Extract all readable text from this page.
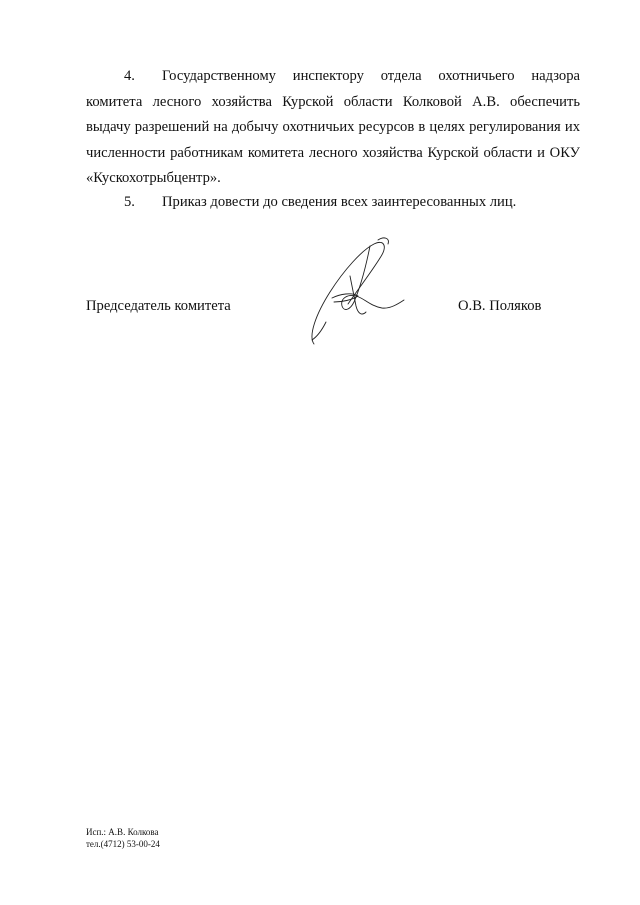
4. Государственному инспектору отдела охотничьего надзора комитета лесного хозяйства Курской области Колковой А.В. обеспечить выдачу разрешений на добычу охотничьих ресурсов в целях регулирования их численности работникам комитета лесного хозяйства Курской области и ОКУ «Кускохотрыбцентр».
5. Приказ довести до сведения всех заинтересованных лиц.
Председатель комитета	О.В. Поляков
Исп.: А.В. Колкова
тел.(4712) 53-00-24
